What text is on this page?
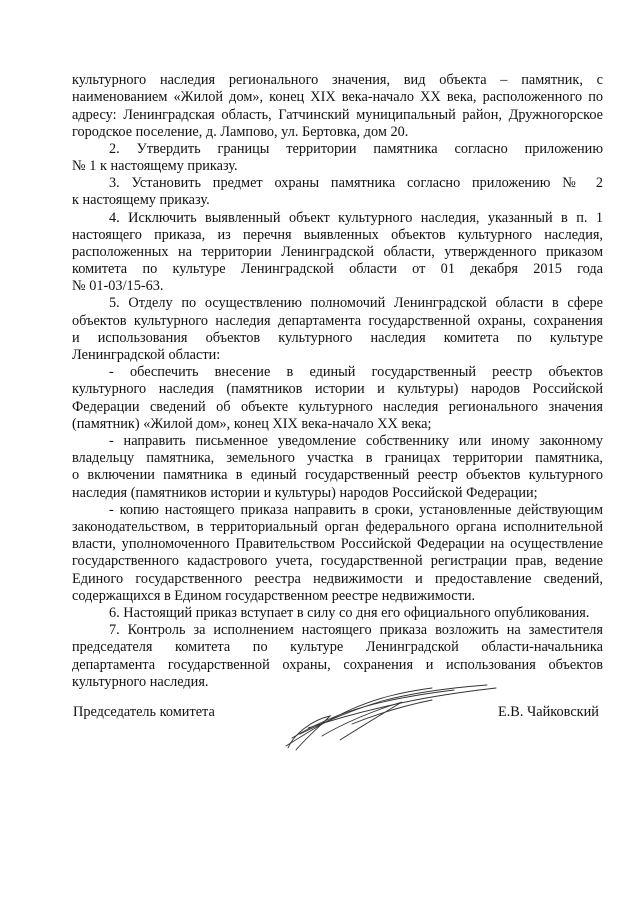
культурного наследия регионального значения, вид объекта – памятник, с
наименованием «Жилой дом», конец XIX века-начало XX века, расположенного по
адресу: Ленинградская область, Гатчинский муниципальный район, Дружногорское
городское поселение, д. Лампово, ул. Бертовка, дом 20.
2. Утвердить границы территории памятника согласно приложению
№ 1 к настоящему приказу.
3. Установить предмет охраны памятника согласно приложению № 2
к настоящему приказу.
4. Исключить выявленный объект культурного наследия, указанный в п. 1
настоящего приказа, из перечня выявленных объектов культурного наследия,
расположенных на территории Ленинградской области, утвержденного приказом
комитета по культуре Ленинградской области от 01 декабря 2015 года
№ 01-03/15-63.
5. Отделу по осуществлению полномочий Ленинградской области в сфере
объектов культурного наследия департамента государственной охраны, сохранения
и использования объектов культурного наследия комитета по культуре
Ленинградской области:
- обеспечить внесение в единый государственный реестр объектов
культурного наследия (памятников истории и культуры) народов Российской
Федерации сведений об объекте культурного наследия регионального значения
(памятник) «Жилой дом», конец XIX века-начало XX века;
- направить письменное уведомление собственнику или иному законному
владельцу памятника, земельного участка в границах территории памятника,
о включении памятника в единый государственный реестр объектов культурного
наследия (памятников истории и культуры) народов Российской Федерации;
- копию настоящего приказа направить в сроки, установленные действующим
законодательством, в территориальный орган федерального органа исполнительной
власти, уполномоченного Правительством Российской Федерации на осуществление
государственного кадастрового учета, государственной регистрации прав, ведение
Единого государственного реестра недвижимости и предоставление сведений,
содержащихся в Едином государственном реестре недвижимости.
6. Настоящий приказ вступает в силу со дня его официального опубликования.
7. Контроль за исполнением настоящего приказа возложить на заместителя
председателя комитета по культуре Ленинградской области-начальника
департамента государственной охраны, сохранения и использования объектов
культурного наследия.
Председатель комитета	Е.В. Чайковский
